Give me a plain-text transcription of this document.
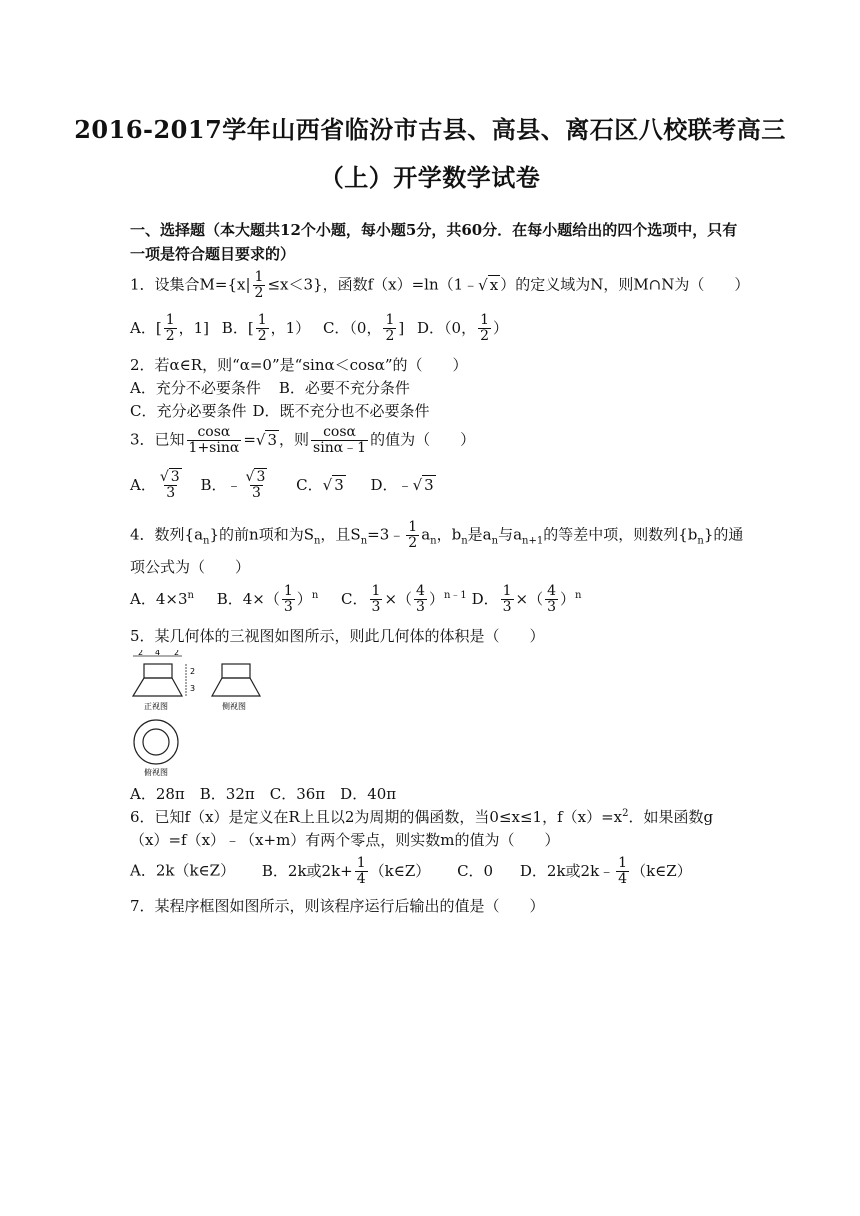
2016-2017学年山西省临汾市古县、高县、离石区八校联考高三
（上）开学数学试卷
一、选择题（本大题共12个小题，每小题5分，共60分．在每小题给出的四个选项中，只有一项是符合题目要求的）
1．设集合$M=\{x| \frac{1}{2} \le x<3\}$，函数f（x）=ln（1﹣√ x ）的定义域为N，则M∩N为（　　）
A．[ $\frac{1}{2}$ ，1] B．[ $\frac{1}{2}$ ，1） C．（0， $\frac{1}{2}$ ] D．（0， $\frac{1}{2}$ ）
2．若α∈R，则“α=0”是“sinα＜cosα”的（　　）
A．充分不必要条件 B．必要不充分条件
C．充分必要条件 D．既不充分也不必要条件
3．已知 $\frac{\cos\alpha}{1+\sin\alpha}$ =√ 3 ，则 $\frac{\cos\alpha}{\sin\alpha﹣1}$ 的值为（　　）
A． $\frac{√ 3}{3}$ B．﹣ $\frac{√ 3}{3}$ C．√ 3 D．﹣√ 3
4．数列$\{a_n\}$的前n项和为$S_n$，且$S_n=3﹣ \frac{1}{2} a_n$，$b_n$是$a_n$与$a_{n+1}$的等差中项，则数列$\{b_n\}$的通
项公式为（　　）
A．$4\times 3^n$ B．$4\times( \frac{1}{3} )^n$ C． $\frac{1}{3}$ ×（ $\frac{4}{3} )^{n﹣1}$ D． $\frac{1}{3}$ ×（ $\frac{4}{3} )^n$
5．某几何体的三视图如图所示，则此几何体的体积是（　　）
2 4 2
2
3
正视图	侧视图
俯视图
A．28π　B．32π　C．36π　D．40π
6．已知f（x）是定义在R上且以2为周期的偶函数，当0≤x≤1，$f(x)=x^2$．如果函数g
（x）=f（x）﹣（x+m）有两个零点，则实数m的值为（　　）
A．2k（k∈Z） B．2k或$2k+ \frac{1}{4}$ （k∈Z） C．0 D．2k或2k﹣ $\frac{1}{4}$ （k∈Z）
7．某程序框图如图所示，则该程序运行后输出的值是（　　）
